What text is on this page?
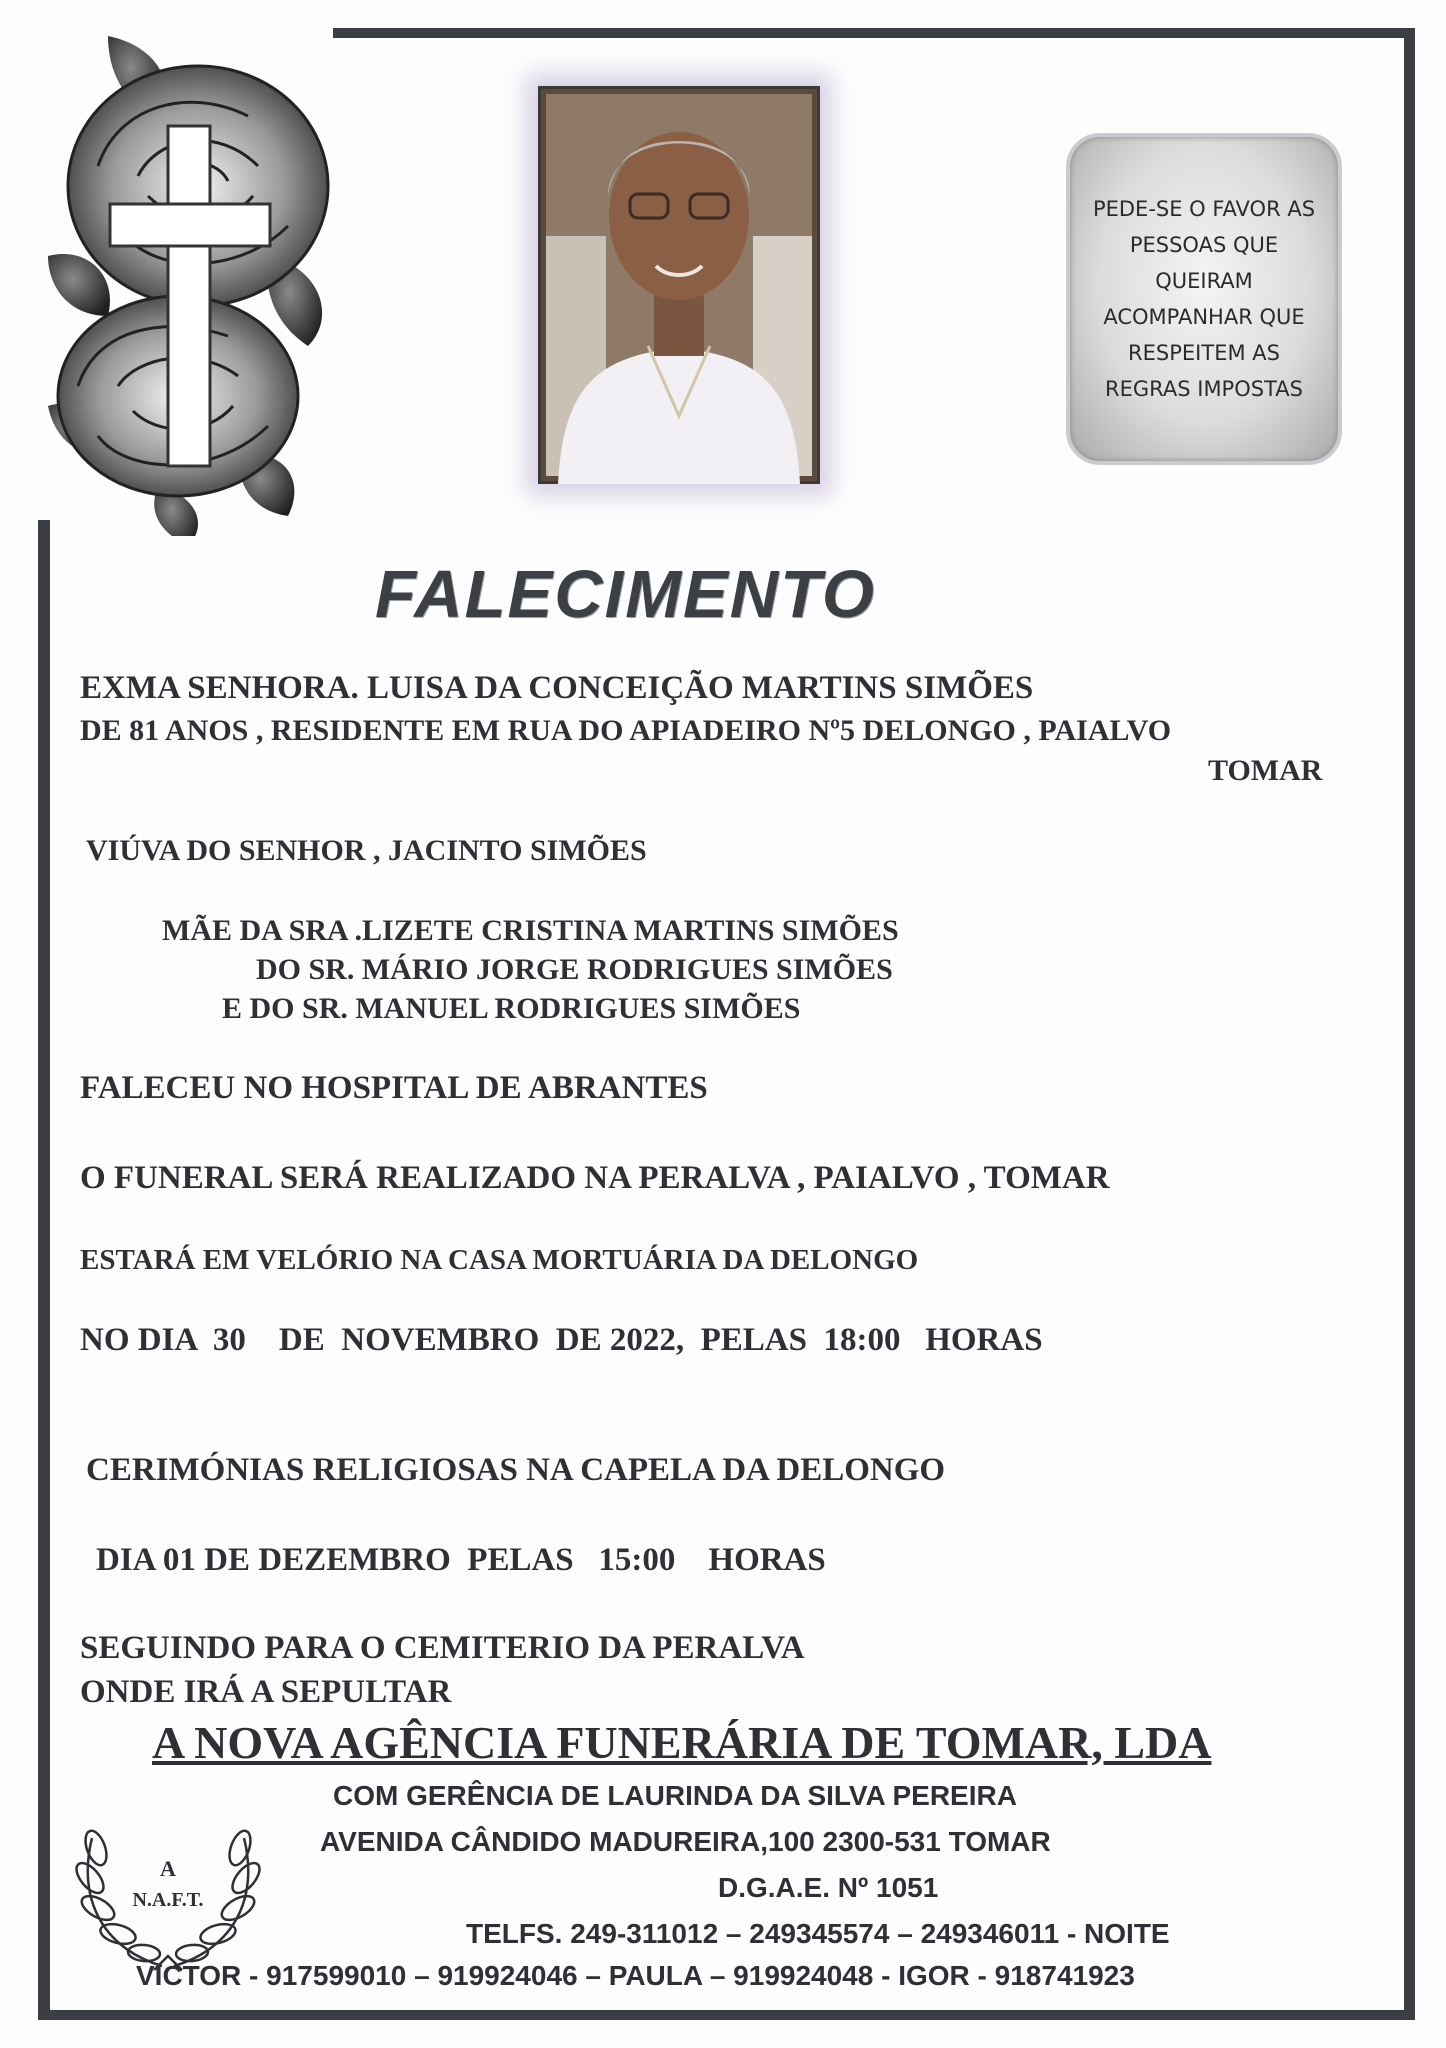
PEDE-SE O FAVOR AS
PESSOAS QUE
QUEIRAM
ACOMPANHAR QUE
RESPEITEM AS
REGRAS IMPOSTAS
FALECIMENTO
EXMA SENHORA. LUISA DA CONCEIÇÃO MARTINS SIMÕES
DE 81 ANOS , RESIDENTE EM RUA DO APIADEIRO Nº5 DELONGO , PAIALVO
TOMAR
VIÚVA DO SENHOR , JACINTO SIMÕES
MÃE DA SRA .LIZETE CRISTINA MARTINS SIMÕES
DO SR. MÁRIO JORGE RODRIGUES SIMÕES
E DO SR. MANUEL RODRIGUES SIMÕES
FALECEU NO HOSPITAL DE ABRANTES
O FUNERAL SERÁ REALIZADO NA PERALVA , PAIALVO , TOMAR
ESTARÁ EM VELÓRIO NA CASA MORTUÁRIA DA DELONGO
NO DIA  30    DE  NOVEMBRO  DE 2022,  PELAS  18:00   HORAS
CERIMÓNIAS RELIGIOSAS NA CAPELA DA DELONGO
DIA 01 DE DEZEMBRO  PELAS   15:00    HORAS
SEGUINDO PARA O CEMITERIO DA PERALVA
ONDE IRÁ A SEPULTAR
A NOVA AGÊNCIA FUNERÁRIA DE TOMAR, LDA
COM GERÊNCIA DE LAURINDA DA SILVA PEREIRA
AVENIDA CÂNDIDO MADUREIRA,100 2300-531 TOMAR
D.G.A.E. Nº 1051
TELFS. 249-311012 – 249345574 – 249346011 - NOITE
VICTOR - 917599010 – 919924046 – PAULA – 919924048 - IGOR - 918741923
A
N.A.F.T.
